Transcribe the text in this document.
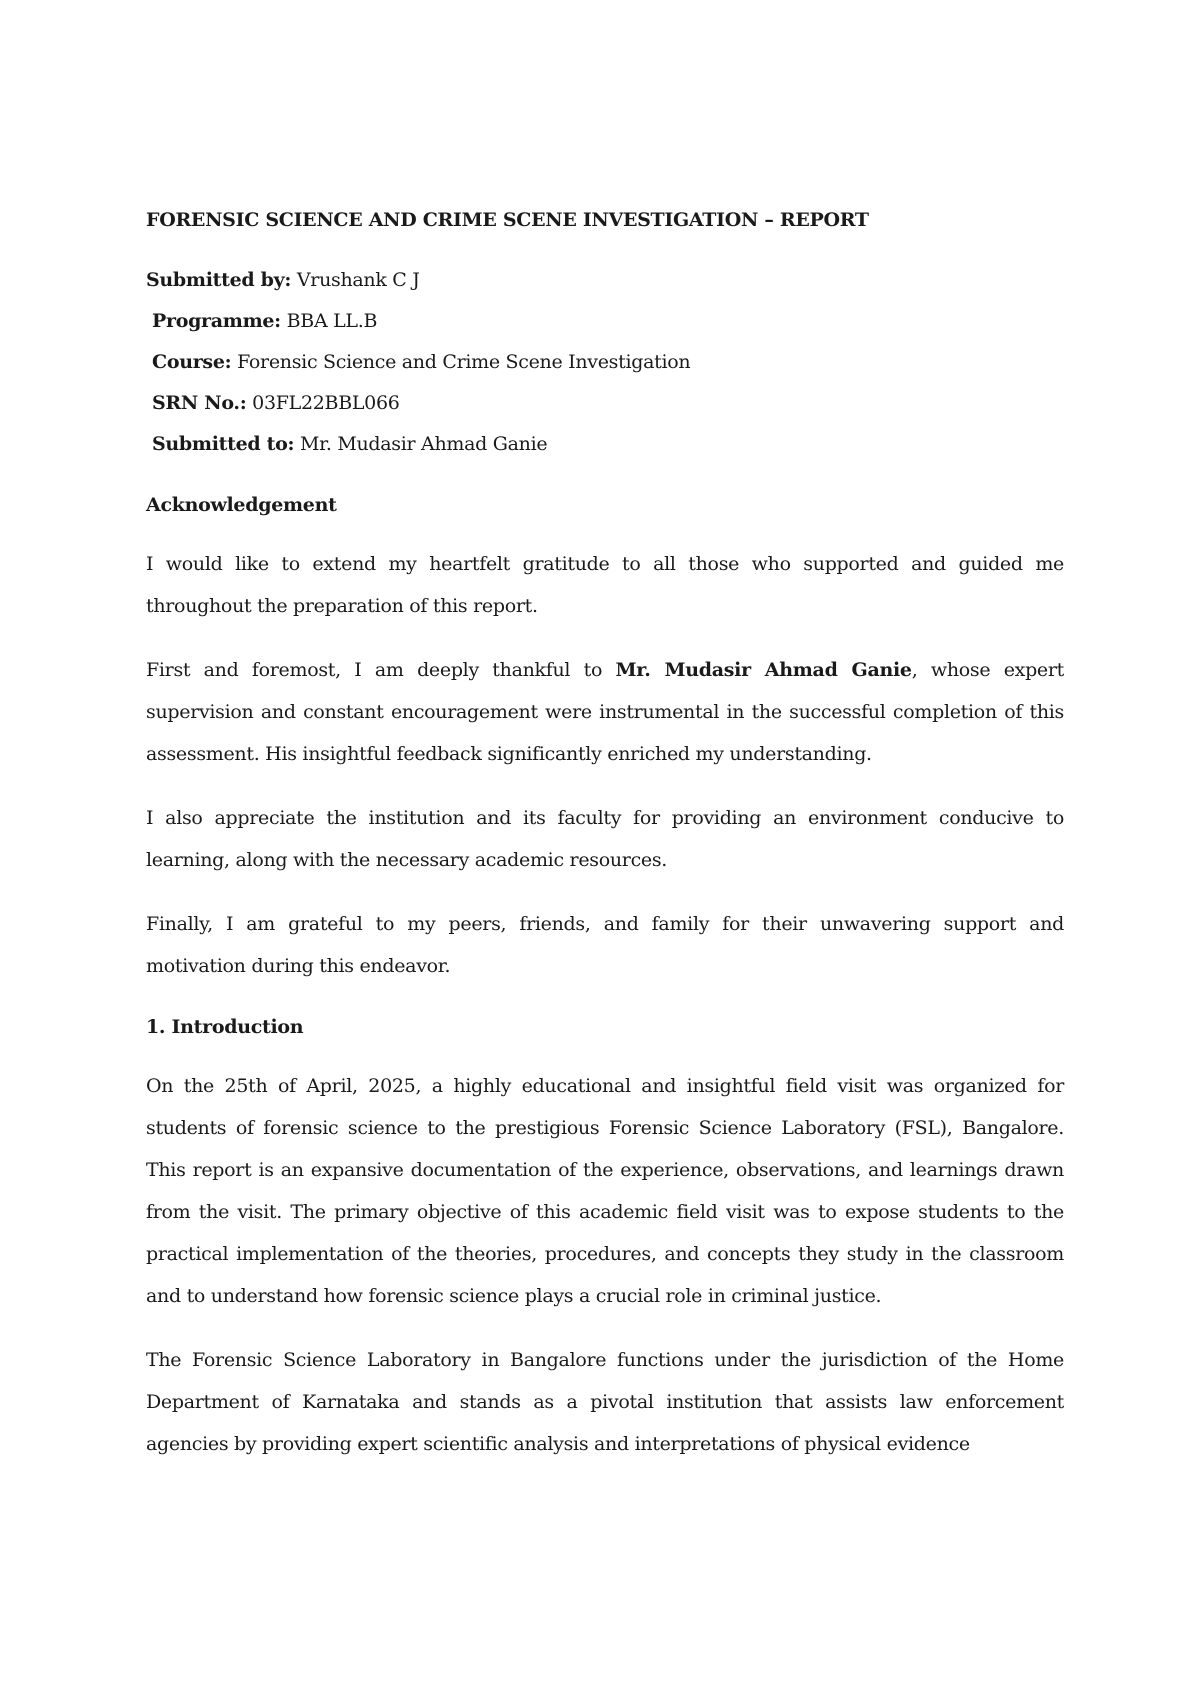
FORENSIC SCIENCE AND CRIME SCENE INVESTIGATION – REPORT

Submitted by: Vrushank C J

Programme: BBA LL.B

Course: Forensic Science and Crime Scene Investigation

SRN No.: 03FL22BBL066

Submitted to: Mr. Mudasir Ahmad Ganie

Acknowledgement

I would like to extend my heartfelt gratitude to all those who supported and guided me throughout the preparation of this report.

First and foremost, I am deeply thankful to Mr. Mudasir Ahmad Ganie, whose expert supervision and constant encouragement were instrumental in the successful completion of this assessment. His insightful feedback significantly enriched my understanding.

I also appreciate the institution and its faculty for providing an environment conducive to learning, along with the necessary academic resources.

Finally, I am grateful to my peers, friends, and family for their unwavering support and motivation during this endeavor.

1. Introduction

On the 25th of April, 2025, a highly educational and insightful field visit was organized for students of forensic science to the prestigious Forensic Science Laboratory (FSL), Bangalore. This report is an expansive documentation of the experience, observations, and learnings drawn from the visit. The primary objective of this academic field visit was to expose students to the practical implementation of the theories, procedures, and concepts they study in the classroom and to understand how forensic science plays a crucial role in criminal justice.

The Forensic Science Laboratory in Bangalore functions under the jurisdiction of the Home Department of Karnataka and stands as a pivotal institution that assists law enforcement agencies by providing expert scientific analysis and interpretations of physical evidence
